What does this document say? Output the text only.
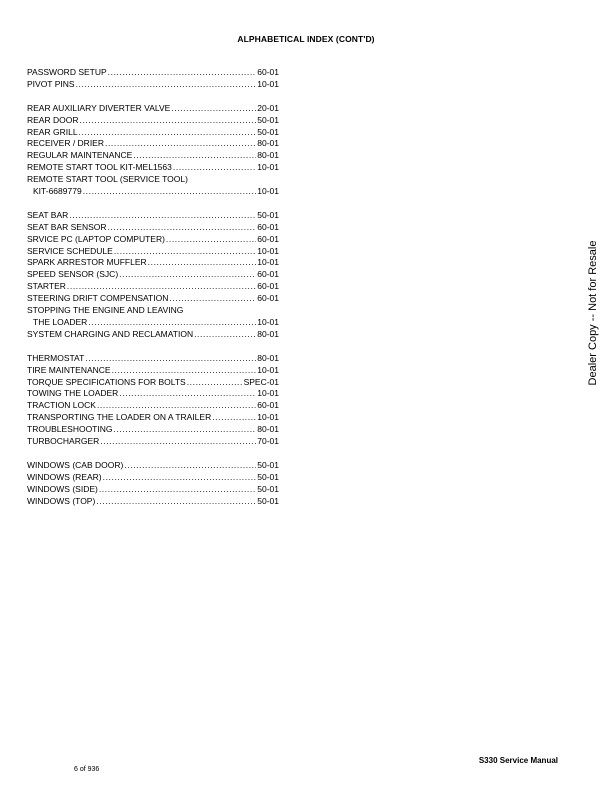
ALPHABETICAL INDEX (CONT'D)
PASSWORD SETUP .....	60-01
PIVOT PINS .....	10-01
REAR AUXILIARY DIVERTER VALVE .....	20-01
REAR DOOR .....	50-01
REAR GRILL .....	50-01
RECEIVER / DRIER .....	80-01
REGULAR MAINTENANCE .....	80-01
REMOTE START TOOL KIT-MEL1563 .....	10-01
REMOTE START TOOL (SERVICE TOOL)
KIT-6689779 .....	10-01
SEAT BAR .....	50-01
SEAT BAR SENSOR .....	60-01
SRVICE PC (LAPTOP COMPUTER) .....	60-01
SERVICE SCHEDULE .....	10-01
SPARK ARRESTOR MUFFLER .....	10-01
SPEED SENSOR (SJC) .....	60-01
STARTER .....	60-01
STEERING DRIFT COMPENSATION .....	60-01
STOPPING THE ENGINE AND LEAVING
THE LOADER .....	10-01
SYSTEM CHARGING AND RECLAMATION .....	80-01
THERMOSTAT .....	80-01
TIRE MAINTENANCE .....	10-01
TORQUE SPECIFICATIONS FOR BOLTS .....	SPEC-01
TOWING THE LOADER .....	10-01
TRACTION LOCK .....	60-01
TRANSPORTING THE LOADER ON A TRAILER .....	10-01
TROUBLESHOOTING .....	80-01
TURBOCHARGER .....	70-01
WINDOWS (CAB DOOR) .....	50-01
WINDOWS (REAR) .....	50-01
WINDOWS (SIDE) .....	50-01
WINDOWS (TOP) .....	50-01
Dealer Copy -- Not for Resale
S330 Service Manual
6 of 936
